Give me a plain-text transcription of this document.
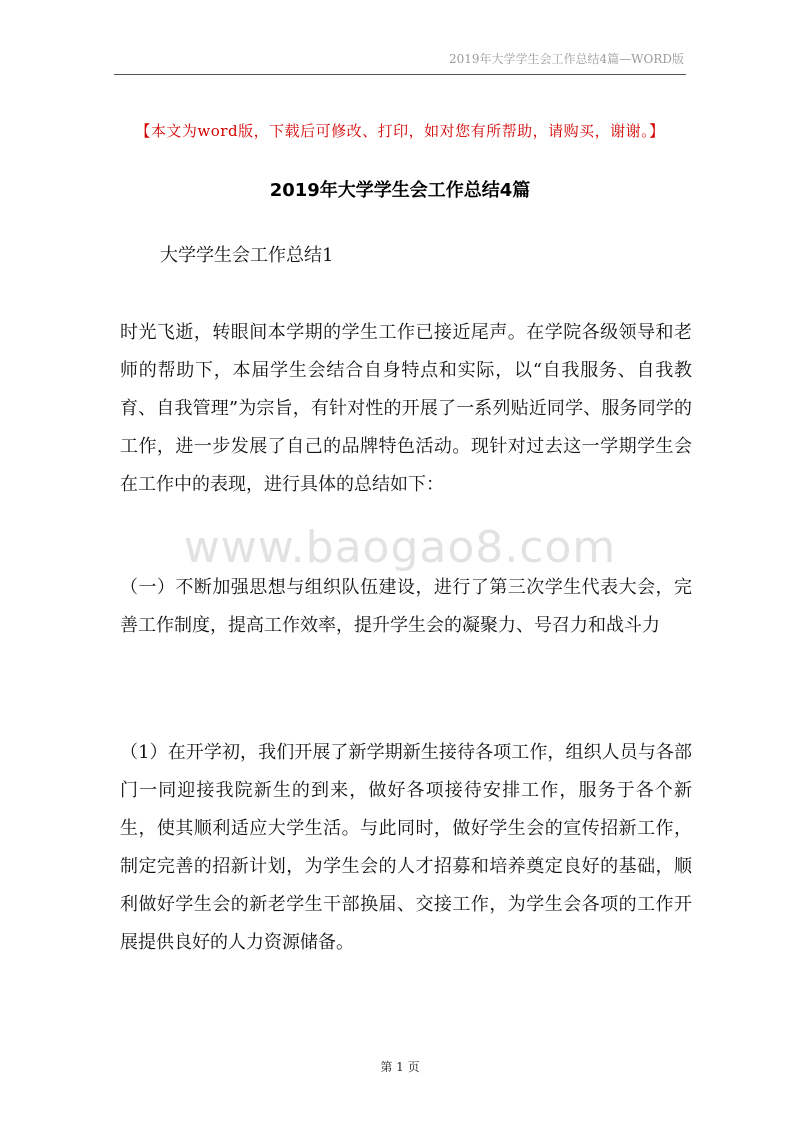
2019年大学学生会工作总结4篇—WORD版
【本文为word版，下载后可修改、打印，如对您有所帮助，请购买，谢谢。】
2019年大学学生会工作总结4篇
大学学生会工作总结1
时光飞逝，转眼间本学期的学生工作已接近尾声。在学院各级领导和老师的帮助下，本届学生会结合自身特点和实际，以“自我服务、自我教育、自我管理”为宗旨，有针对性的开展了一系列贴近同学、服务同学的工作，进一步发展了自己的品牌特色活动。现针对过去这一学期学生会在工作中的表现，进行具体的总结如下：
www.baogao8.com
（一）不断加强思想与组织队伍建设，进行了第三次学生代表大会，完善工作制度，提高工作效率，提升学生会的凝聚力、号召力和战斗力
（1）在开学初，我们开展了新学期新生接待各项工作，组织人员与各部门一同迎接我院新生的到来，做好各项接待安排工作，服务于各个新生，使其顺利适应大学生活。与此同时，做好学生会的宣传招新工作，制定完善的招新计划，为学生会的人才招募和培养奠定良好的基础，顺利做好学生会的新老学生干部换届、交接工作，为学生会各项的工作开展提供良好的人力资源储备。
第 1 页
